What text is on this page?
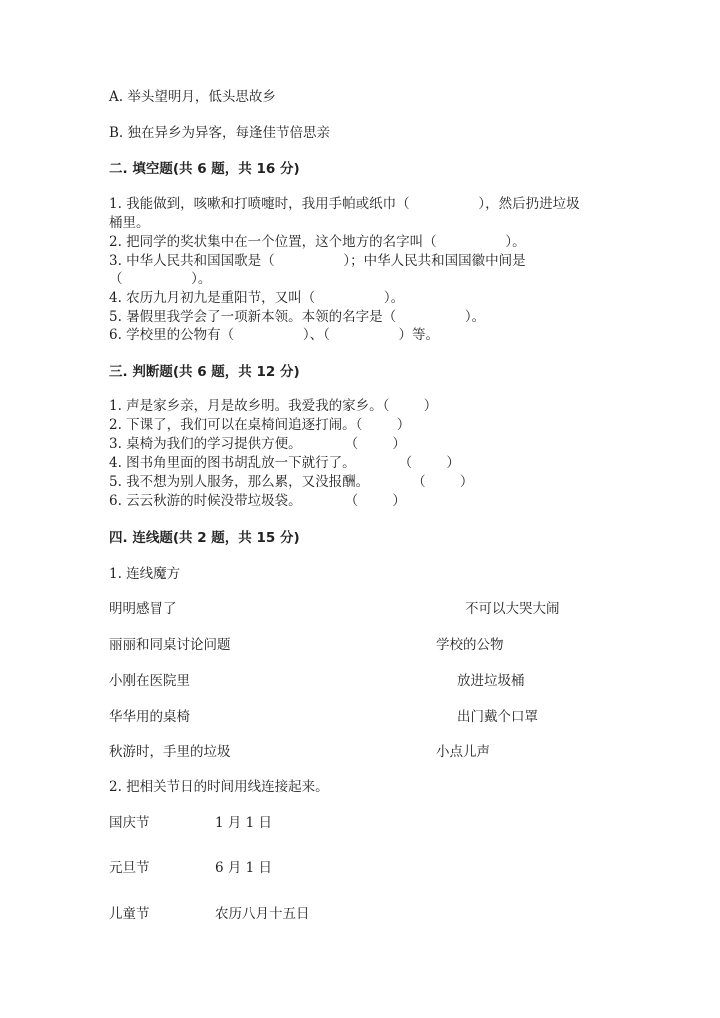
A. 举头望明月，低头思故乡
B. 独在异乡为异客，每逢佳节倍思亲
二. 填空题(共 6 题，共 16 分)
1. 我能做到，咳嗽和打喷嚏时，我用手帕或纸巾（                ），然后扔进垃圾
桶里。
2. 把同学的奖状集中在一个位置，这个地方的名字叫（                ）。
3. 中华人民共和国国歌是（                ）；中华人民共和国国徽中间是
（                ）。
4. 农历九月初九是重阳节，又叫（                ）。
5. 暑假里我学会了一项新本领。本领的名字是（                ）。
6. 学校里的公物有（                ）、（                ）等。
三. 判断题(共 6 题，共 12 分)
1. 声是家乡亲，月是故乡明。我爱我的家乡。（        ）
2. 下课了，我们可以在桌椅间追逐打闹。（        ）
3. 桌椅为我们的学习提供方便。          （        ）
4. 图书角里面的图书胡乱放一下就行了。          （        ）
5. 我不想为别人服务，那么累，又没报酬。          （        ）
6. 云云秋游的时候没带垃圾袋。          （        ）
四. 连线题(共 2 题，共 15 分)
1. 连线魔方
明明感冒了	不可以大哭大闹
丽丽和同桌讨论问题	学校的公物
小刚在医院里	放进垃圾桶
华华用的桌椅	出门戴个口罩
秋游时，手里的垃圾	小点儿声
2. 把相关节日的时间用线连接起来。
国庆节	1 月 1 日
元旦节	6 月 1 日
儿童节	农历八月十五日
